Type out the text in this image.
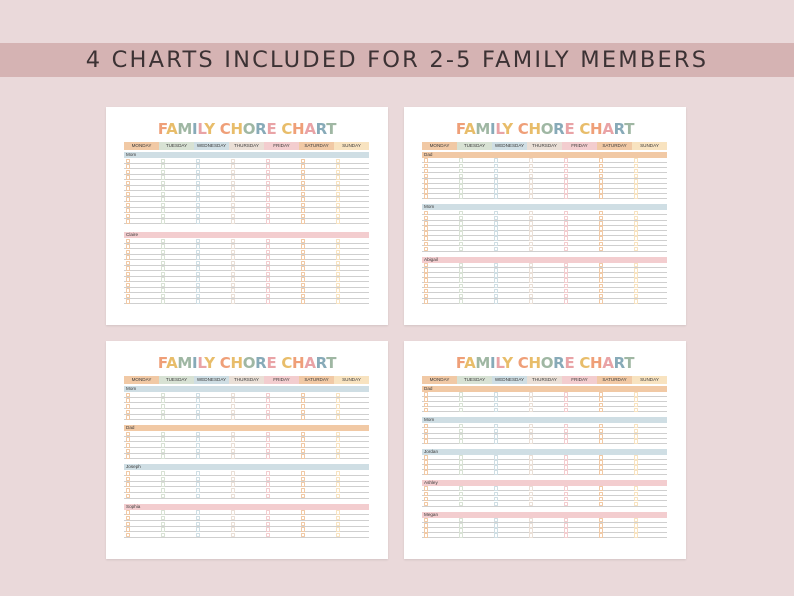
4 CHARTS INCLUDED FOR 2-5 FAMILY MEMBERS
FAMILY CHORE CHART
MONDAY	TUESDAY	WEDNESDAY	THURSDAY	FRIDAY	SATURDAY	SUNDAY
Mom
Claire
FAMILY CHORE CHART
MONDAY	TUESDAY	WEDNESDAY	THURSDAY	FRIDAY	SATURDAY	SUNDAY
Dad
Mom
Abigail
FAMILY CHORE CHART
MONDAY	TUESDAY	WEDNESDAY	THURSDAY	FRIDAY	SATURDAY	SUNDAY
Mom
Dad
Joseph
Sophia
FAMILY CHORE CHART
MONDAY	TUESDAY	WEDNESDAY	THURSDAY	FRIDAY	SATURDAY	SUNDAY
Dad
Mom
Jordan
Ashley
Megan
